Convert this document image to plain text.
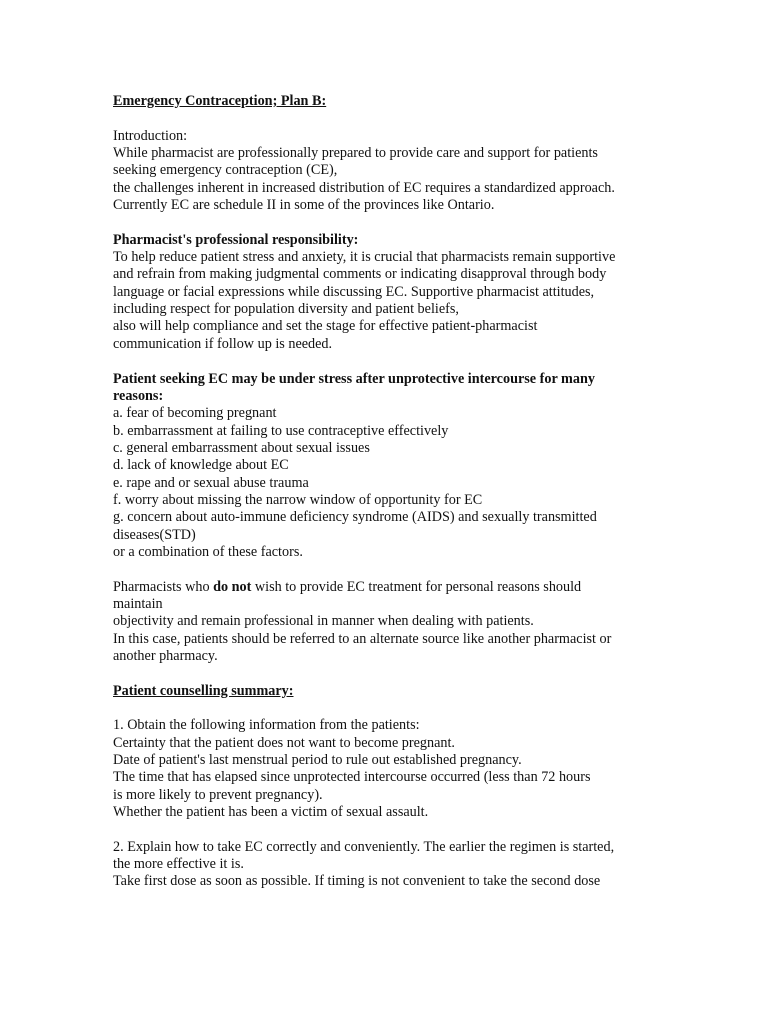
Emergency Contraception; Plan B:
Introduction:
While pharmacist are professionally prepared to provide care and support for patients
seeking emergency contraception (CE),
the challenges inherent in increased distribution of EC requires a standardized approach.
Currently EC are schedule II in some of the provinces like Ontario.
Pharmacist's professional responsibility:
To help reduce patient stress and anxiety, it is crucial that pharmacists remain supportive
and refrain from making judgmental comments or indicating disapproval through body
language or facial expressions while discussing EC. Supportive pharmacist attitudes,
including respect for population diversity and patient beliefs,
also will help compliance and set the stage for effective patient-pharmacist
communication if follow up is needed.
Patient seeking EC may be under stress after unprotective intercourse for many
reasons:
a. fear of becoming pregnant
b. embarrassment at failing to use contraceptive effectively
c. general embarrassment about sexual issues
d. lack of knowledge about EC
e. rape and or sexual abuse trauma
f. worry about missing the narrow window of opportunity for EC
g. concern about auto-immune deficiency syndrome (AIDS) and sexually transmitted
diseases(STD)
or a combination of these factors.
Pharmacists who do not wish to provide EC treatment for personal reasons should
maintain
objectivity and remain professional in manner when dealing with patients.
In this case, patients should be referred to an alternate source like another pharmacist or
another pharmacy.
Patient counselling summary:
1. Obtain the following information from the patients:
Certainty that the patient does not want to become pregnant.
Date of patient's last menstrual period to rule out established pregnancy.
The time that has elapsed since unprotected intercourse occurred (less than 72 hours
is more likely to prevent pregnancy).
Whether the patient has been a victim of sexual assault.
2. Explain how to take EC correctly and conveniently. The earlier the regimen is started,
the more effective it is.
Take first dose as soon as possible. If timing is not convenient to take the second dose
